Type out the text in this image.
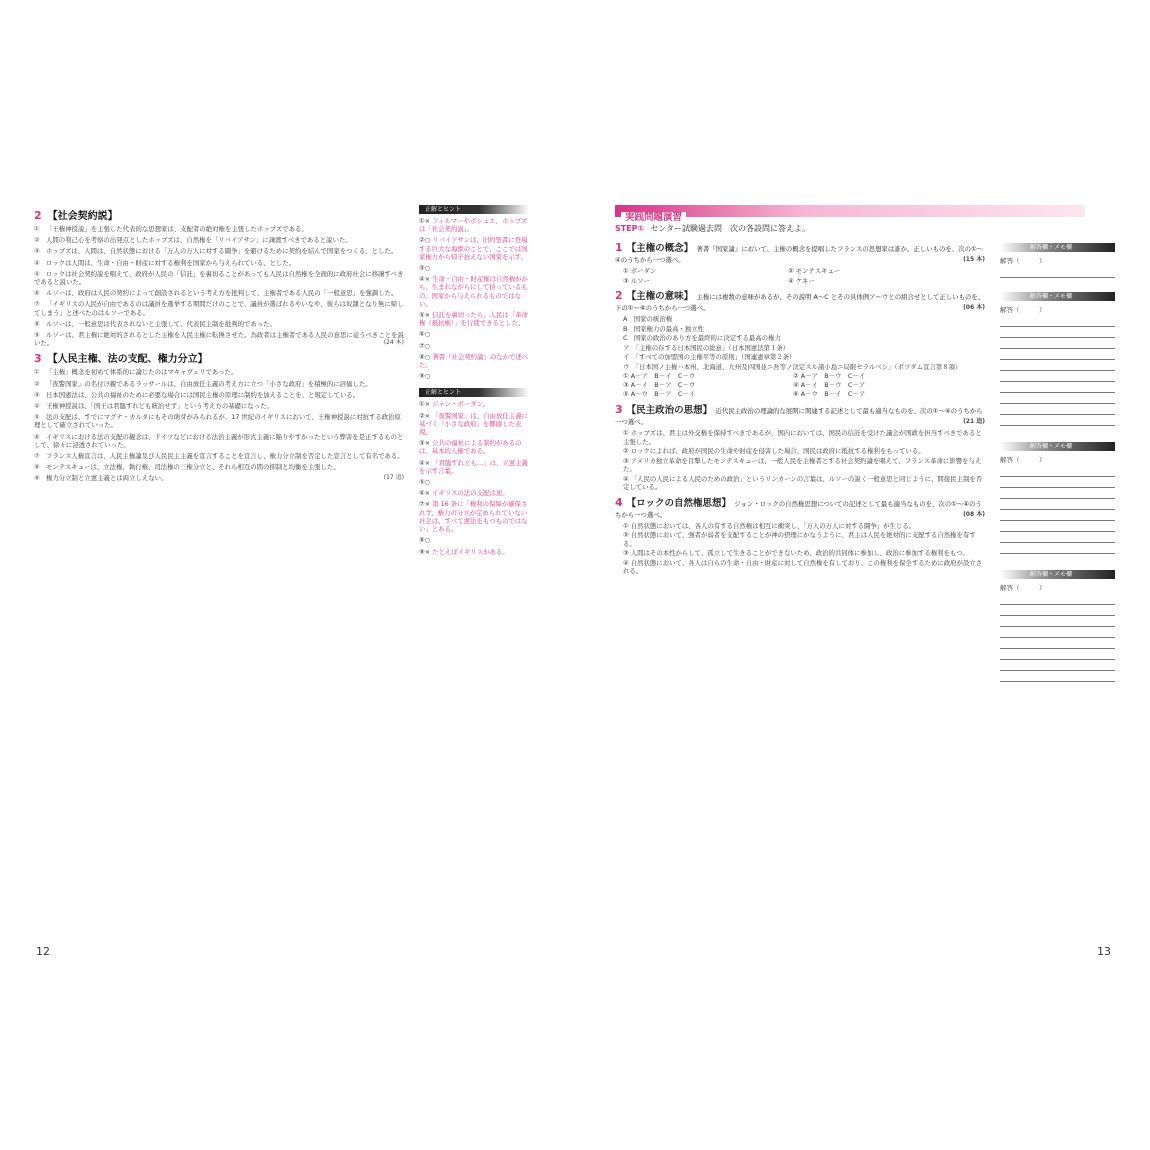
2 【社会契約説】
① 「王権神授説」を主張した代表的な思想家は、支配者の絶対権を主張したホッブズである。
② 人間の利己心を考察の出発点としたホッブズは、自然権を「リバイアサン」に譲渡すべきであると説いた。
③ ホッブズは、人間は、自然状態における「万人の万人に対する闘争」を避けるために契約を結んで国家をつくる、とした。
④ ロックは人間は、生命・自由・財産に対する権利を国家から与えられている、とした。
⑤ ロックは社会契約説を唱えて、政府が人民の「信託」を裏切ることがあっても人民は自然権を全面的に政府社会に移譲すべきであると説いた。
⑥ ルソーは、政府は人民の契約によって創設されるという考え方を批判して、主権者である人民の「一般意思」を強調した。
⑦ 「イギリスの人民が自由であるのは議員を選挙する期間だけのことで、議員が選ばれるやいなや、彼らは奴隷となり無に帰してしまう」と述べたのはルソーである。
⑧ ルソーは、一般意思は代表されないと主張して、代表民主制を批判的であった。
⑨ ルソーは、君主権に絶対的されるとした主権を人民主権に転換させた。為政者は主権者である人民の意思に従うべきことを説いた。	(24 本)
3 【人民主権、法の支配、権力分立】
① 「主権」概念を初めて体系的に論じたのはマキャヴェリであった。
② 「夜警国家」の名付け親であるラッサールは、自由放任主義の考え方に立つ「小さな政府」を積極的に評価した。
③ 日本国憲法は、公共の福祉のために必要な場合には国民主権の原理に制約を加えることを、と規定している。
④ 王権神授説は、「国王は君臨すれども統治せず」という考え方の基礎になった。
⑤ 法の支配は、すでにマグナ・カルタにもその萌芽がみられるが、17 世紀のイギリスにおいて、王権神授説に対抗する政治原理として確立されていった。
⑥ イギリスにおける法の支配の観念は、ドイツなどにおける法治主義が形式主義に陥りやすかったという弊害を是正するものとして、徐々に浸透されていった。
⑦ フランス人権宣言は、人民主権論及び人民民主主義を宣言することを宣言し、権力分立制を否定した宣言として有名である。
⑧ モンテスキューは、立法権、執行権、司法権の三権分立と、それら相互の間の抑制と均衡を主張した。
⑨ 権力分立制と立憲主義とは両立しえない。	(17 追)
正解とヒント
①× フィルマーやボシュエ、ホッブズは「社会契約説」。
②○ リバイアサンは、旧約聖書に登場する巨大な海獣のことで、ここでは国家権力から帰子抗えない国家を示す。
③○
④× 生命・自由・財産権は自然権がから、生まれながらにして持っているもの。国家から与えられるものではない。
⑤× 信託を裏切ったら、人民は「革命権（抵抗権）」を行使できるとした。
⑥○
⑦○
⑧○ 著書『社会契約論』のなかで述べた。
⑨○
正解とヒント
①× ジャン・ボーダン。
②× 「夜警国家」は、自由放任主義に基づく「小さな政府」を揶揄した表現。
③× 公共の福祉による制約があるのは、基本的人権である。
④× 「君臨すれども…」は、立憲主義を示す言葉。
⑤○
⑥× イギリスの法の支配は逆。
⑦× 第 16 条に「権利の保障が確保されず、権力の分立が定められていない社会は、すべて憲法をもつものではない」とある。
⑧○
⑨× たとえばイギリスがある。
12
実践問題演習
STEP① センター試験過去問　次の各設問に答えよ。
1 【主権の概念】 著書『国家論』において、主権の概念を提唱したフランスの思想家は誰か。正しいものを、次の①～④のうちから一つ選べ。	(15 本)
① ボーダン	② モンテスキュー
③ ルソー	④ ケネー
2 【主権の意味】 主権には複数の意味があるが、その説明 A～C とその具体例ア～ウとの組合せとして正しいものを、下の①～⑥のうちから一つ選べ。	(06 本)
A　国家の統治権
B　国家権力の最高・独立性
C　国家の政治のあり方を最終的に決定する最高の権力
ア　「主権の存する日本国民の総意」（日本国憲法第１条）
イ　「すべての加盟国の主権平等の原則」（国連憲章第２条）
ウ　「日本国ノ主権ハ本州、北海道、九州及四国並ニ吾等ノ決定スル諸小島ニ局限セラルベシ」（ポツダム宣言第８項）
① A－ア　B－イ　C－ウ	② A－ア　B－ウ　C－イ
③ A－イ　B－ア　C－ウ	④ A－イ　B－ウ　C－ア
⑤ A－ウ　B－ア　C－イ	⑥ A－ウ　B－イ　C－ア
3 【民主政治の思想】 近代民主政治の理論的な展開に関連する記述として最も適当なものを、次の①～④のうちから一つ選べ。	(21 追)
① ホッブズは、君主は外交権を保持すべきであるが、国内においては、国民の信託を受けた議会が国政を担当すべきであると主張した。
② ロックによれば、政府が国民の生命や財産を侵害した場合、国民は政府に抵抗する権利をもっている。
③ アメリカ独立革命を目撃したモンテスキューは、一般人民を主権者とする社会契約論を唱えて、フランス革命に影響を与えた。
④ 「人民の人民による人民のための政治」というリンカーンの言葉は、ルソーの説く一般意思と同じように、間接民主制を否定している。
4 【ロックの自然権思想】 ジョン・ロックの自然権思想についての記述として最も適当なものを、次の①～④のうちから一つ選べ。	(08 本)
① 自然状態においては、各人の有する自然権は相互に衝突し、「万人の万人に対する闘争」が生じる。
② 自然状態において、強者が弱者を支配することが神の摂理にかなうように、君主は人民を絶対的に支配する自然権を有する。
③ 人間はその本性からして、孤立して生きることができないため、政治的共同体に参加し、政治に参加する権利をもつ。
④ 自然状態において、各人は自らの生命・自由・財産に対して自然権を有しており、この権利を保全するために政府が設立される。
解答欄・メモ欄
解答（　　　）
解答欄・メモ欄
解答（　　　）
解答欄・メモ欄
解答（　　　）
解答欄・メモ欄
解答（　　　）
13
